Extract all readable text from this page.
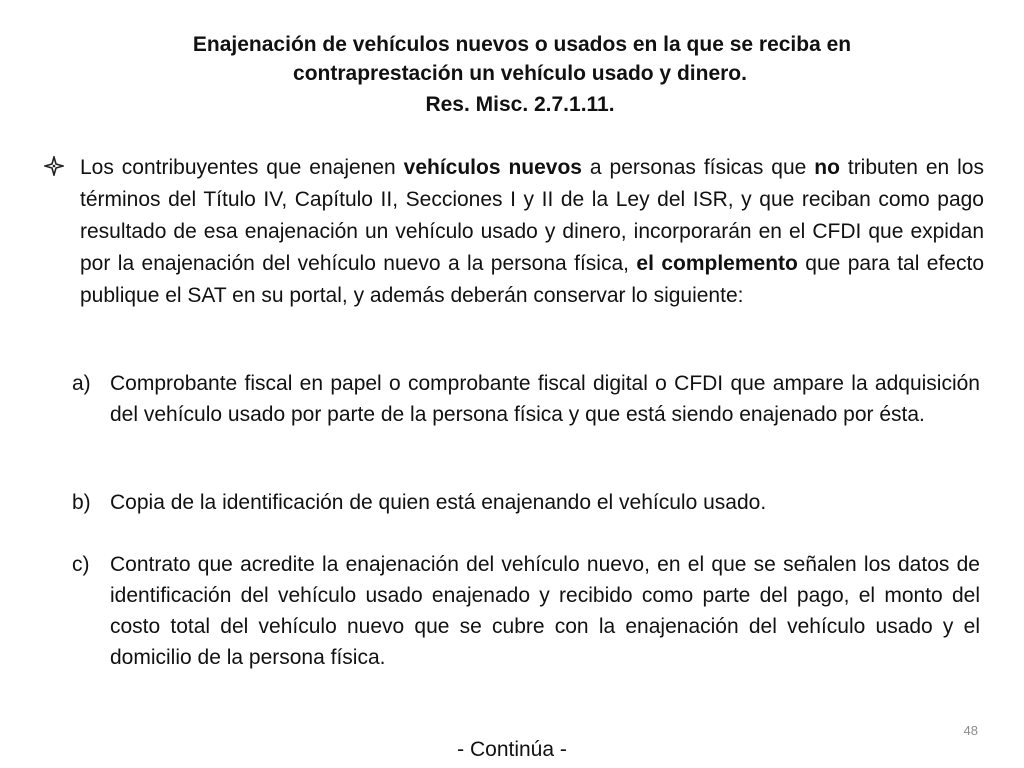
Enajenación de vehículos nuevos o usados en la que se reciba en
contraprestación un vehículo usado y dinero.
Res. Misc. 2.7.1.11.
Los contribuyentes que enajenen vehículos nuevos a personas físicas que no tributen en los términos del Título IV, Capítulo II, Secciones I y II de la Ley del ISR, y que reciban como pago resultado de esa enajenación un vehículo usado y dinero, incorporarán en el CFDI que expidan por la enajenación del vehículo nuevo a la persona física, el complemento que para tal efecto publique el SAT en su portal, y además deberán conservar lo siguiente:
a) Comprobante fiscal en papel o comprobante fiscal digital o CFDI que ampare la adquisición del vehículo usado por parte de la persona física y que está siendo enajenado por ésta.
b) Copia de la identificación de quien está enajenando el vehículo usado.
c) Contrato que acredite la enajenación del vehículo nuevo, en el que se señalen los datos de identificación del vehículo usado enajenado y recibido como parte del pago, el monto del costo total del vehículo nuevo que se cubre con la enajenación del vehículo usado y el domicilio de la persona física.
48
- Continúa -
